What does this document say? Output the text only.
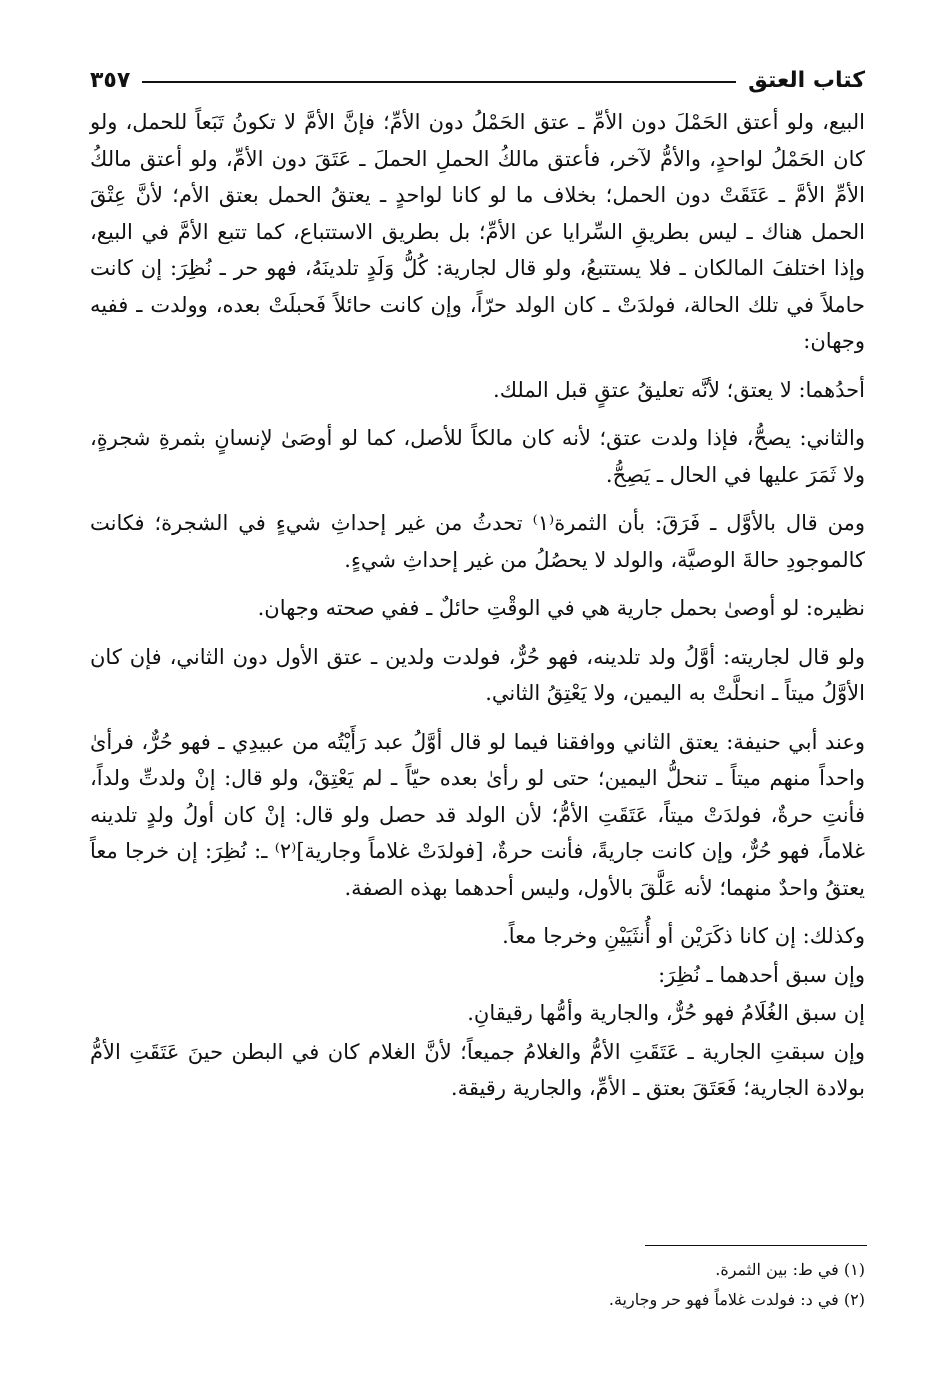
كتاب العتق
٣٥٧

البيع، ولو أعتق الحَمْلَ دون الأمِّ ـ عتق الحَمْلُ دون الأمِّ؛ فإنَّ الأمَّ لا تكونُ تَبَعاً للحمل، ولو كان الحَمْلُ لواحدٍ، والأمُّ لآخر، فأعتق مالكُ الحملِ الحملَ ـ عَتَقَ دون الأمِّ، ولو أعتق مالكُ الأمِّ الأمَّ ـ عَتَقَتْ دون الحمل؛ بخلاف ما لو كانا لواحدٍ ـ يعتقُ الحمل بعتق الأم؛ لأنَّ عِتْقَ الحمل هناك ـ ليس بطريقِ السِّرايا عن الأمِّ؛ بل بطريق الاستتباع، كما تتبع الأمَّ في البيع، وإذا اختلفَ المالكان ـ فلا يستتبعُ، ولو قال لجارية: كُلُّ وَلَدٍ تلدينَهُ، فهو حر ـ نُظِرَ: إن كانت حاملاً في تلك الحالة، فولدَتْ ـ كان الولد حرّاً، وإن كانت حائلاً فَحبلَتْ بعده، وولدت ـ ففيه وجهان:

أحدُهما: لا يعتق؛ لأنَّه تعليقُ عتقٍ قبل الملك.

والثاني: يصحُّ، فإذا ولدت عتق؛ لأنه كان مالكاً للأصل، كما لو أوصَىٰ لإنسانٍ بثمرةِ شجرةٍ، ولا ثَمَرَ عليها في الحال ـ يَصِحُّ.

ومن قال بالأوَّل ـ فَرَقَ: بأن الثمرة⁽١⁾ تحدثُ من غير إحداثِ شيءٍ في الشجرة؛ فكانت كالموجودِ حالةَ الوصيَّة، والولد لا يحصُلُ من غير إحداثِ شيءٍ.

نظيره: لو أوصىٰ بحمل جارية هي في الوقْتِ حائلٌ ـ ففي صحته وجهان.

ولو قال لجاريته: أوَّلُ ولد تلدينه، فهو حُرٌّ، فولدت ولدين ـ عتق الأول دون الثاني، فإن كان الأوَّلُ ميتاً ـ انحلَّتْ به اليمين، ولا يَعْتِقُ الثاني.

وعند أبي حنيفة: يعتق الثاني ووافقنا فيما لو قال أوَّلُ عبد رَأَيْتُه من عبيدِي ـ فهو حُرٌّ، فرأىٰ واحداً منهم ميتاً ـ تنحلُّ اليمين؛ حتى لو رأىٰ بعده حيّاً ـ لم يَعْتِقْ، ولو قال: إنْ ولدتِّ ولداً، فأنتِ حرةٌ، فولدَتْ ميتاً، عَتَقَتِ الأمُّ؛ لأن الولد قد حصل ولو قال: إنْ كان أولُ ولدٍ تلدينه غلاماً، فهو حُرٌّ، وإن كانت جاريةً، فأنت حرةٌ، [فولدَتْ غلاماً وجارية]⁽٢⁾ ـ: نُظِرَ: إن خرجا معاً يعتقُ واحدٌ منهما؛ لأنه عَلَّقَ بالأول، وليس أحدهما بهذه الصفة.

وكذلك: إن كانا ذكَرَيْن أو أُنثَيَيْنِ وخرجا معاً.

وإن سبق أحدهما ـ نُظِرَ:

إن سبق الغُلَامُ فهو حُرٌّ، والجارية وأمُّها رقيقانِ.

وإن سبقتِ الجارية ـ عَتَقَتِ الأمُّ والغلامُ جميعاً؛ لأنَّ الغلام كان في البطن حينَ عَتَقَتِ الأمُّ بولادة الجارية؛ فَعَتَقَ بعتق ـ الأمِّ، والجارية رقيقة.

(١) في ط: بين الثمرة.
(٢) في د: فولدت غلاماً فهو حر وجارية.
